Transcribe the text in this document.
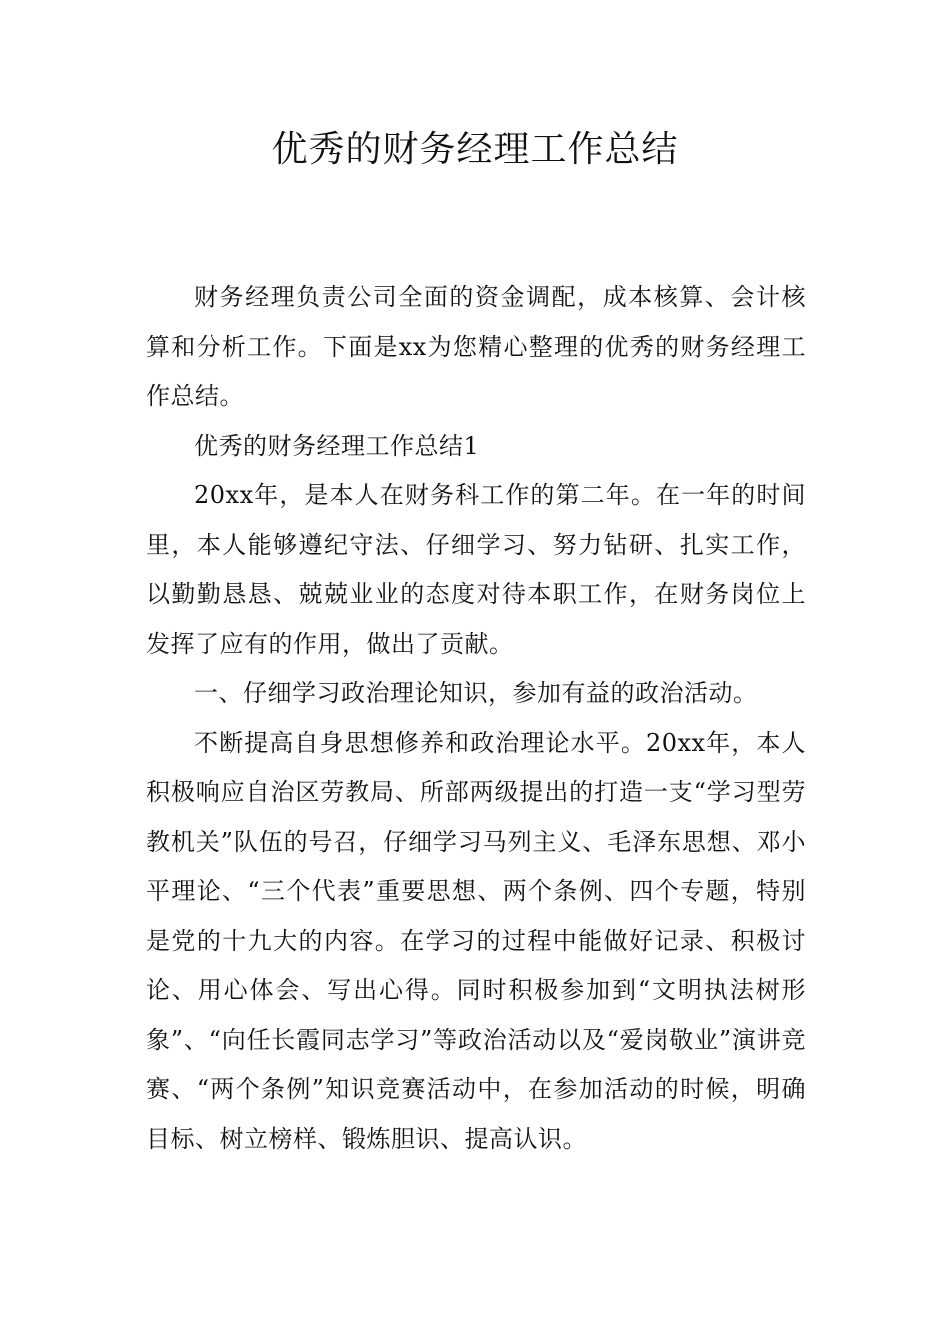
优秀的财务经理工作总结

财务经理负责公司全面的资金调配，成本核算、会计核算和分析工作。下面是xx为您精心整理的优秀的财务经理工作总结。

优秀的财务经理工作总结1

20xx年，是本人在财务科工作的第二年。在一年的时间里，本人能够遵纪守法、仔细学习、努力钻研、扎实工作，以勤勤恳恳、兢兢业业的态度对待本职工作，在财务岗位上发挥了应有的作用，做出了贡献。

一、仔细学习政治理论知识，参加有益的政治活动。

不断提高自身思想修养和政治理论水平。20xx年，本人积极响应自治区劳教局、所部两级提出的打造一支“学习型劳教机关”队伍的号召，仔细学习马列主义、毛泽东思想、邓小平理论、“三个代表”重要思想、两个条例、四个专题，特别是党的十九大的内容。在学习的过程中能做好记录、积极讨论、用心体会、写出心得。同时积极参加到“文明执法树形象”、“向任长霞同志学习”等政治活动以及“爱岗敬业”演讲竞赛、“两个条例”知识竞赛活动中，在参加活动的时候，明确目标、树立榜样、锻炼胆识、提高认识。
